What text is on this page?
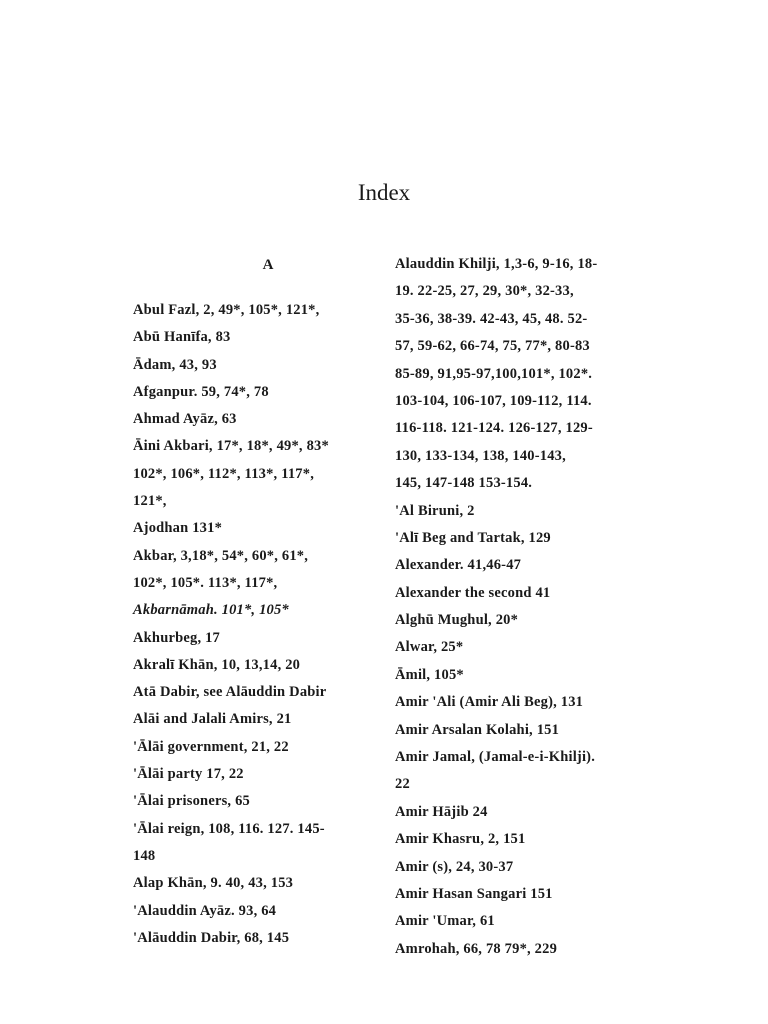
Index
A
Abul Fazl, 2, 49*, 105*, 121*,
Abū Hanīfa, 83
Ādam, 43, 93
Afganpur. 59, 74*, 78
Ahmad Ayāz, 63
Āini Akbari, 17*, 18*, 49*, 83*
102*, 106*, 112*, 113*, 117*,
121*,
Ajodhan 131*
Akbar, 3,18*, 54*, 60*, 61*,
102*, 105*. 113*, 117*,
Akbarnāmah. 101*, 105*
Akhurbeg, 17
Akralī Khān, 10, 13,14, 20
Atā Dabir, see Alāuddin Dabir
Alāi and Jalali Amirs, 21
'Ālāi government, 21, 22
'Ālāi party 17, 22
'Ālai prisoners, 65
'Ālai reign, 108, 116. 127. 145-
148
Alap Khān, 9. 40, 43, 153
'Alauddin Ayāz. 93, 64
'Alāuddin Dabir, 68, 145
Alauddin Khilji, 1,3-6, 9-16, 18-
19. 22-25, 27, 29, 30*, 32-33,
35-36, 38-39. 42-43, 45, 48. 52-
57, 59-62, 66-74, 75, 77*, 80-83
85-89, 91,95-97,100,101*, 102*.
103-104, 106-107, 109-112, 114.
116-118. 121-124. 126-127, 129-
130, 133-134, 138, 140-143,
145, 147-148 153-154.
'Al Biruni, 2
'Alī Beg and Tartak, 129
Alexander. 41,46-47
Alexander the second 41
Alghū Mughul, 20*
Alwar, 25*
Āmil, 105*
Amir 'Ali (Amir Ali Beg), 131
Amir Arsalan Kolahi, 151
Amir Jamal, (Jamal-e-i-Khilji).
22
Amir Hājib 24
Amir Khasru, 2, 151
Amir (s), 24, 30-37
Amir Hasan Sangari 151
Amir 'Umar, 61
Amrohah, 66, 78 79*, 229
